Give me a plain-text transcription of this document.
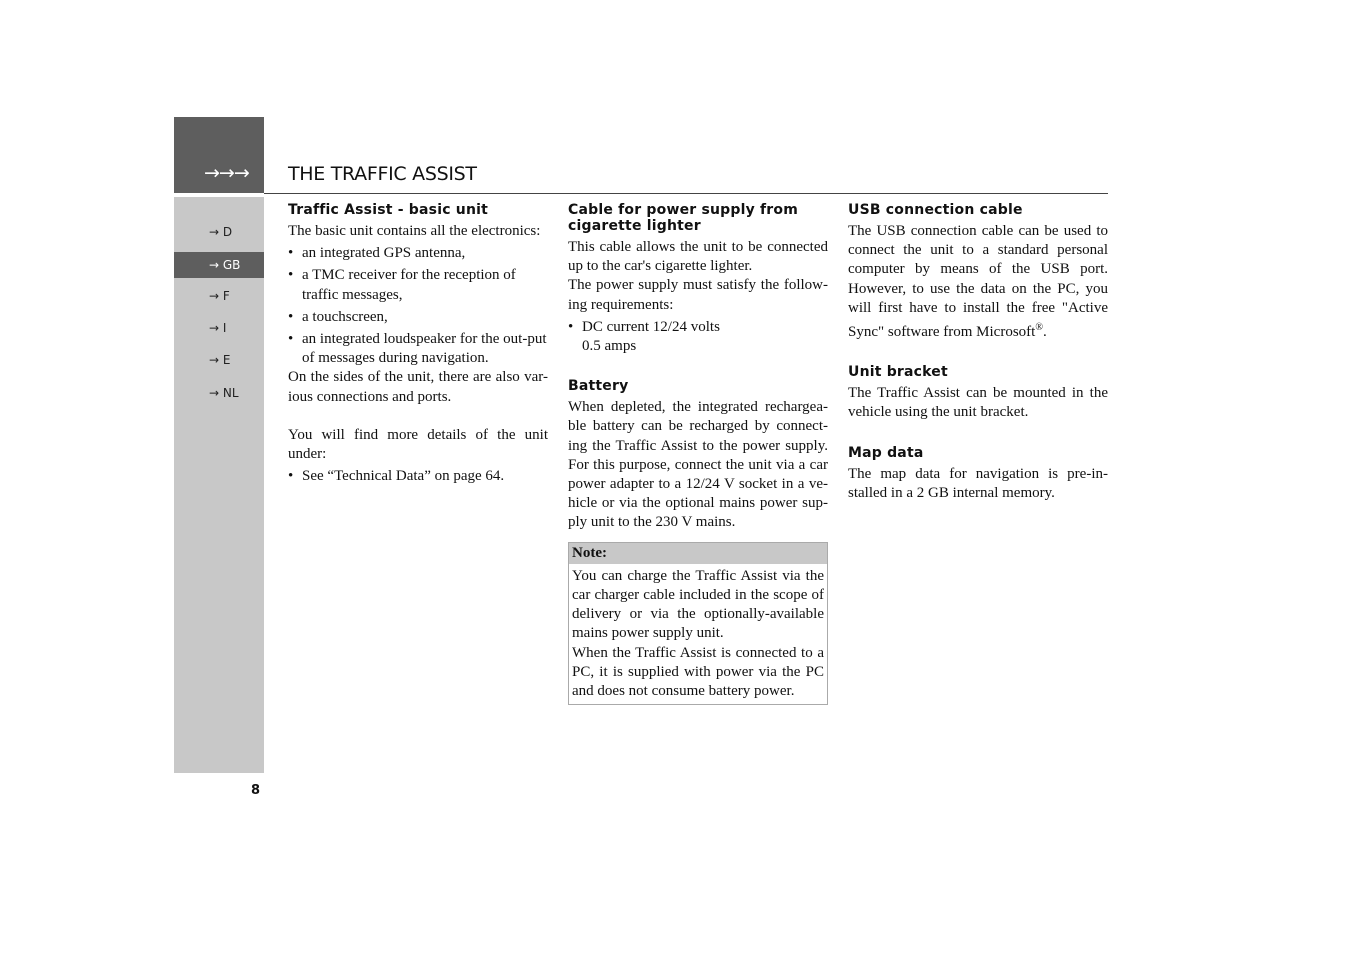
→→→ THE TRAFFIC ASSIST
→ D
→ GB
→ F
→ I
→ E
→ NL
Traffic Assist - basic unit

The basic unit contains all the electronics:

• an integrated GPS antenna,
• a TMC receiver for the reception of traffic messages,
• a touchscreen,
• an integrated loudspeaker for the out-put of messages during navigation.

On the sides of the unit, there are also var-ious connections and ports.

You will find more details of the unit under:

• See “Technical Data” on page 64.
Cable for power supply from cigarette lighter

This cable allows the unit to be connected up to the car's cigarette lighter.

The power supply must satisfy the follow-ing requirements:

• DC current 12/24 volts
0.5 amps
Battery

When depleted, the integrated rechargea-ble battery can be recharged by connect-ing the Traffic Assist to the power supply. For this purpose, connect the unit via a car power adapter to a 12/24 V socket in a ve-hicle or via the optional mains power sup-ply unit to the 230 V mains.

Note:

You can charge the Traffic Assist via the car charger cable included in the scope of delivery or via the optionally-available mains power supply unit.

When the Traffic Assist is connected to a PC, it is supplied with power via the PC and does not consume battery power.

USB connection cable

The USB connection cable can be used to connect the unit to a standard personal computer by means of the USB port. However, to use the data on the PC, you will first have to install the free "Active Sync" software from Microsoft®.

Unit bracket

The Traffic Assist can be mounted in the vehicle using the unit bracket.

Map data

The map data for navigation is pre-in-stalled in a 2 GB internal memory.

8
